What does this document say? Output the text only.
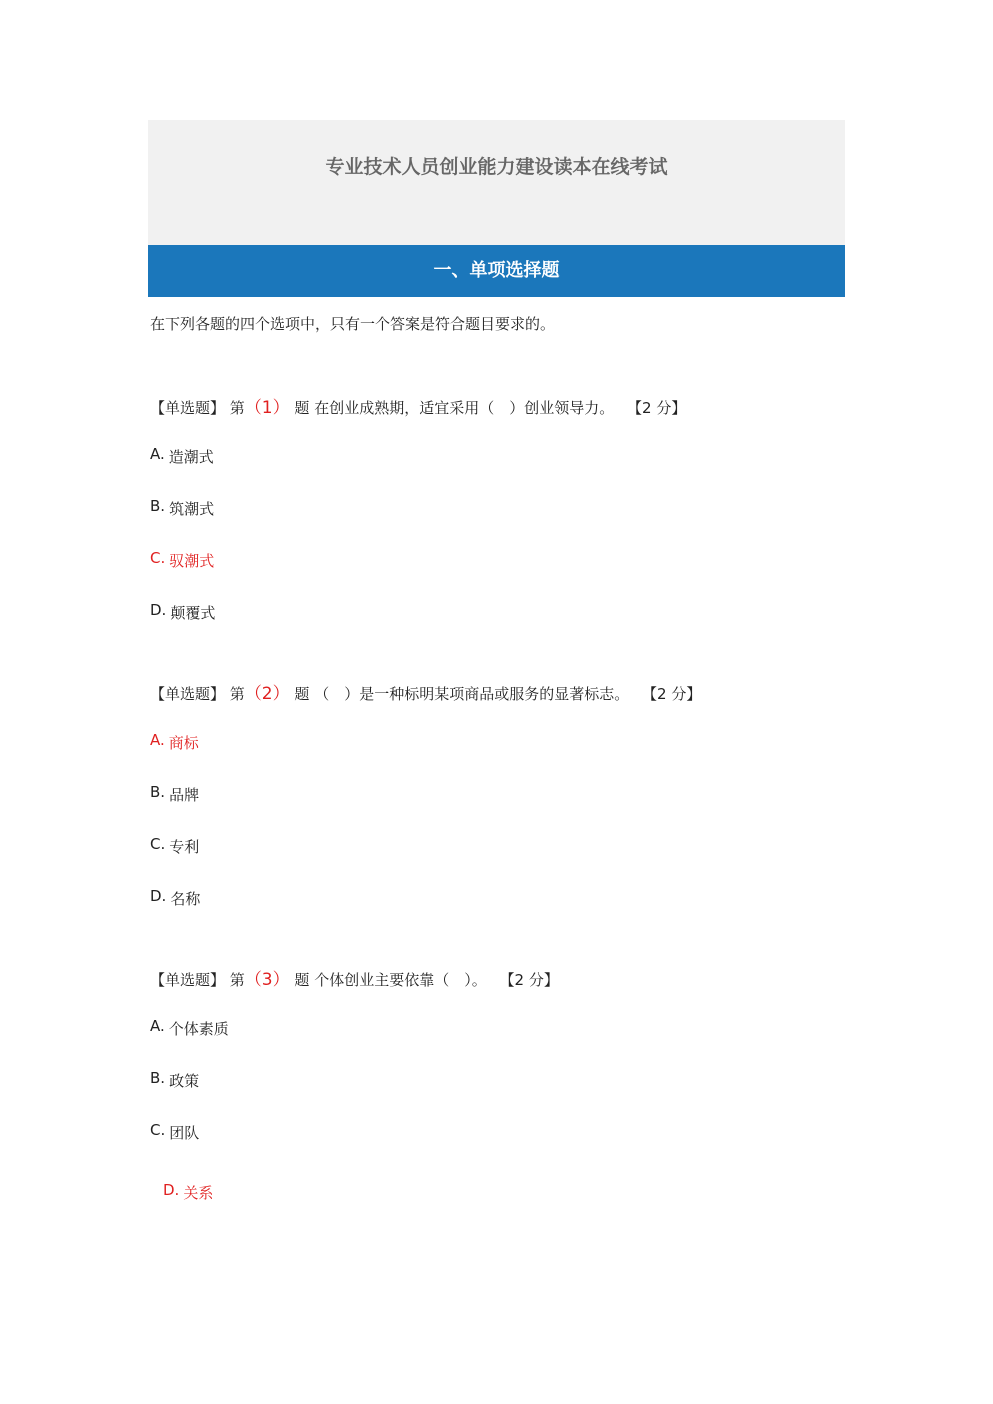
专业技术人员创业能力建设读本在线考试
一、单项选择题
在下列各题的四个选项中，只有一个答案是符合题目要求的。
【单选题】 第（1） 题 在创业成熟期，适宜采用（　）创业领导力。 【2 分】
A. 造潮式
B. 筑潮式
C. 驭潮式
D. 颠覆式
【单选题】 第（2） 题 （　）是一种标明某项商品或服务的显著标志。 【2 分】
A. 商标
B. 品牌
C. 专利
D. 名称
【单选题】 第（3） 题 个体创业主要依靠（　）。 【2 分】
A. 个体素质
B. 政策
C. 团队
D. 关系
